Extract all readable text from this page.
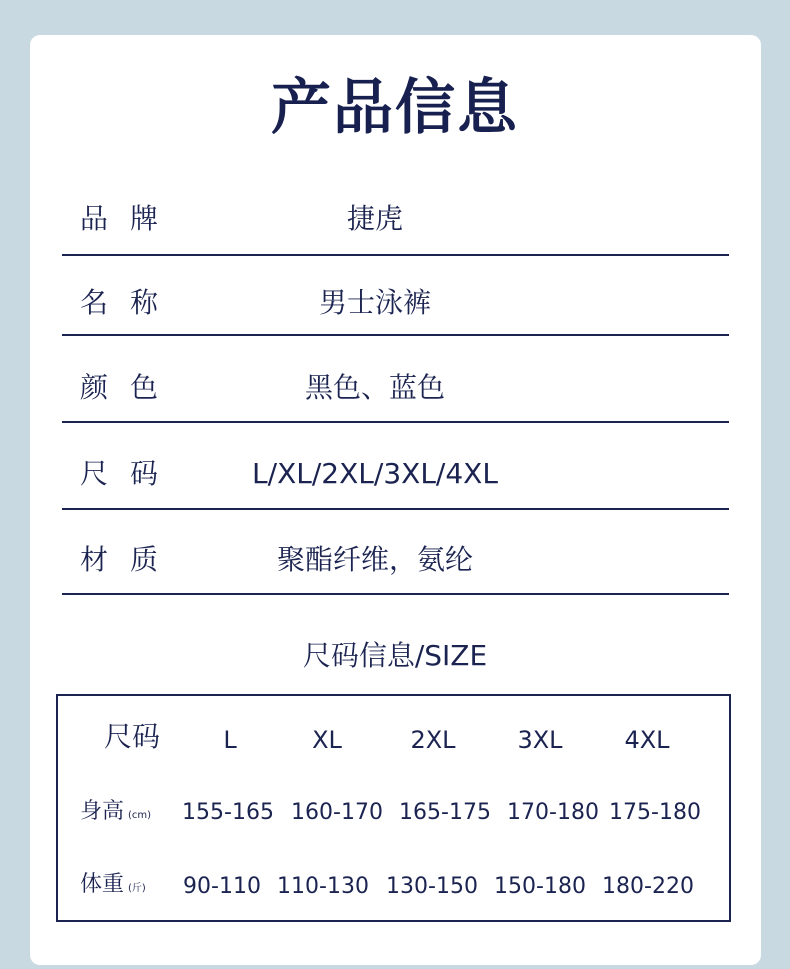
产品信息
品牌	捷虎
名称	男士泳裤
颜色	黑色、蓝色
尺码	L/XL/2XL/3XL/4XL
材质	聚酯纤维，氨纶
尺码信息/SIZE
尺码	L	XL	2XL	3XL	4XL
身高 (cm)	155-165 160-170 165-175 170-180 175-180
体重 (斤)	90-110 110-130 130-150 150-180 180-220
